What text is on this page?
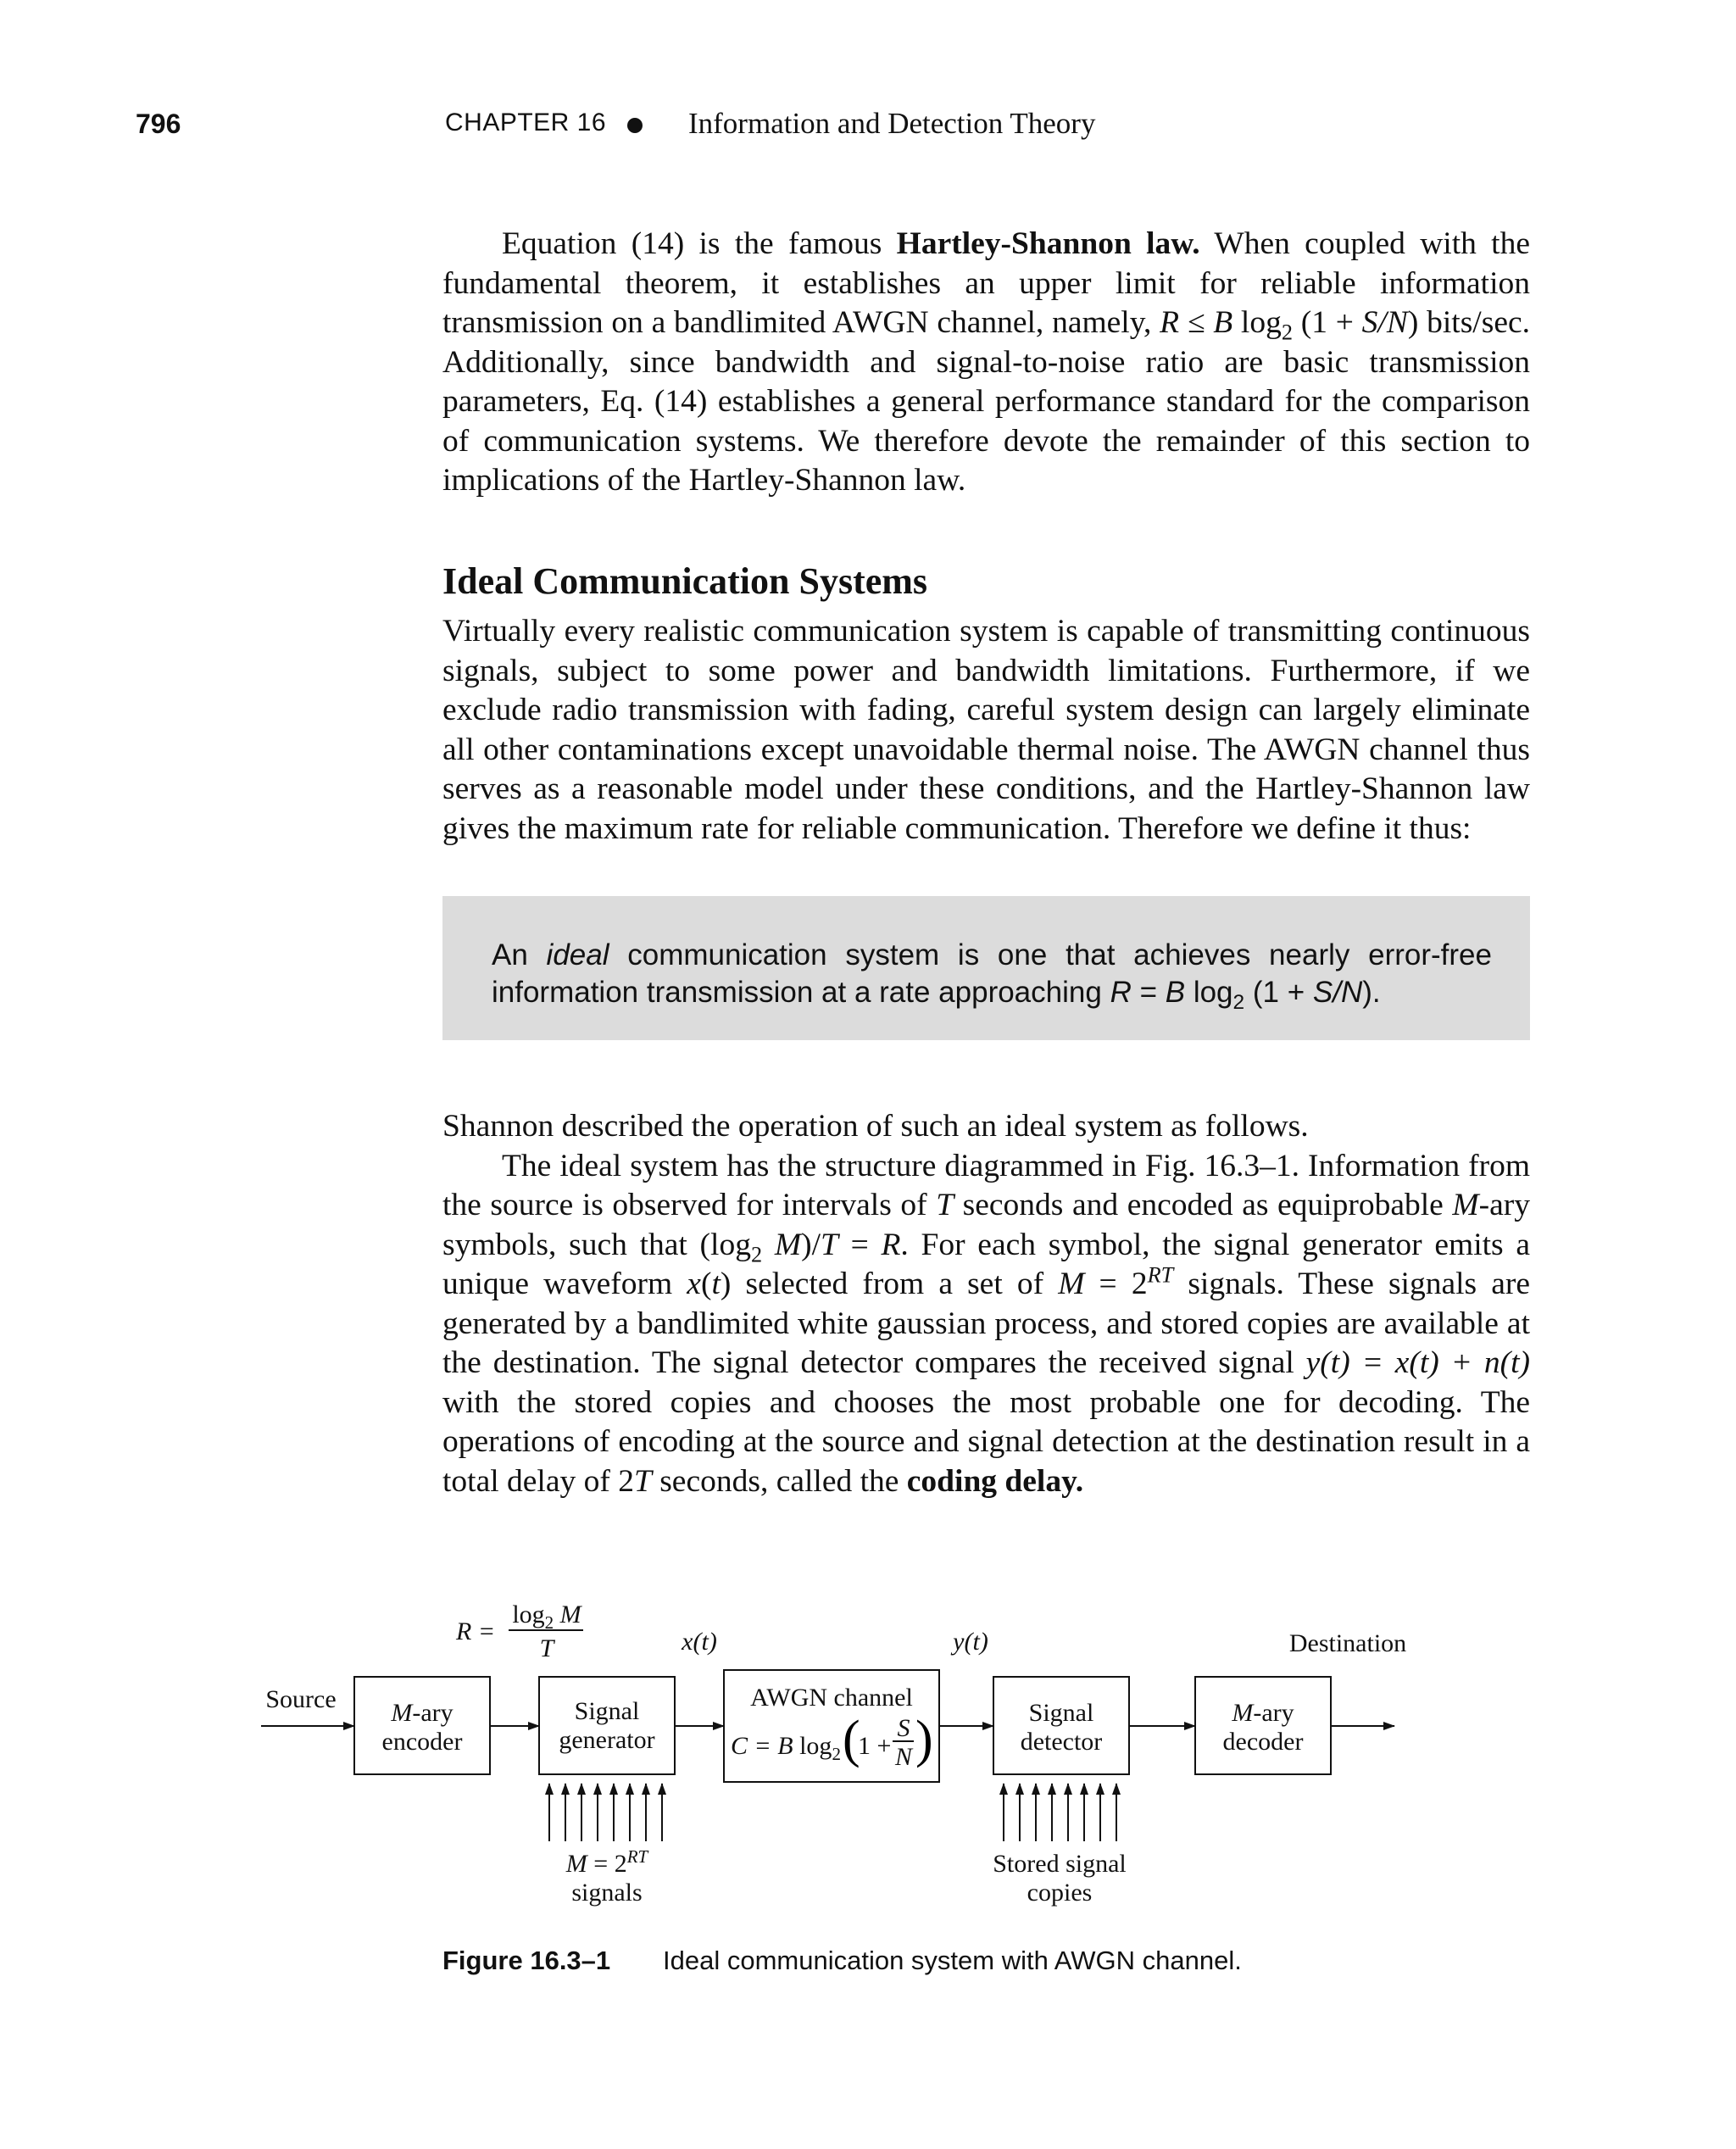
796	CHAPTER 16	Information and Detection Theory

Equation (14) is the famous Hartley-Shannon law. When coupled with the fundamental theorem, it establishes an upper limit for reliable information transmission on a bandlimited AWGN channel, namely, R ≤ B $\log_2 (1 + S/N)$ bits/sec. Additionally, since bandwidth and signal-to-noise ratio are basic transmission parameters, Eq. (14) establishes a general performance standard for the comparison of communication systems. We therefore devote the remainder of this section to implications of the Hartley-Shannon law.

Ideal Communication Systems

Virtually every realistic communication system is capable of transmitting continuous signals, subject to some power and bandwidth limitations. Furthermore, if we exclude radio transmission with fading, careful system design can largely eliminate all other contaminations except unavoidable thermal noise. The AWGN channel thus serves as a reasonable model under these conditions, and the Hartley-Shannon law gives the maximum rate for reliable communication. Therefore we define it thus:

An ideal communication system is one that achieves nearly error-free information transmission at a rate approaching R = B $\log_2 (1 + S/N)$.

Shannon described the operation of such an ideal system as follows.

The ideal system has the structure diagrammed in Fig. 16.3–1. Information from the source is observed for intervals of T seconds and encoded as equiprobable M-ary symbols, such that ($\log_2$ M)/T = R. For each symbol, the signal generator emits a unique waveform x(t) selected from a set of $M = 2^{RT}$ signals. These signals are generated by a bandlimited white gaussian process, and stored copies are available at the destination. The signal detector compares the received signal y(t) = x(t) + n(t) with the stored copies and chooses the most probable one for decoding. The operations of encoding at the source and signal detection at the destination result in a total delay of 2T seconds, called the coding delay.

( )
R =
$\log_2 M$
T	x(t)	y(t)
Source
Destination
M-ary
encoder
Signal
generator
AWGN channel
C = B $\log_2 1$ +
S
N
Signal
detector
M-ary
decoder
$M = 2^{RT}$
signals
Stored signal
copies
Figure 16.3–1 Ideal communication system with AWGN channel.
